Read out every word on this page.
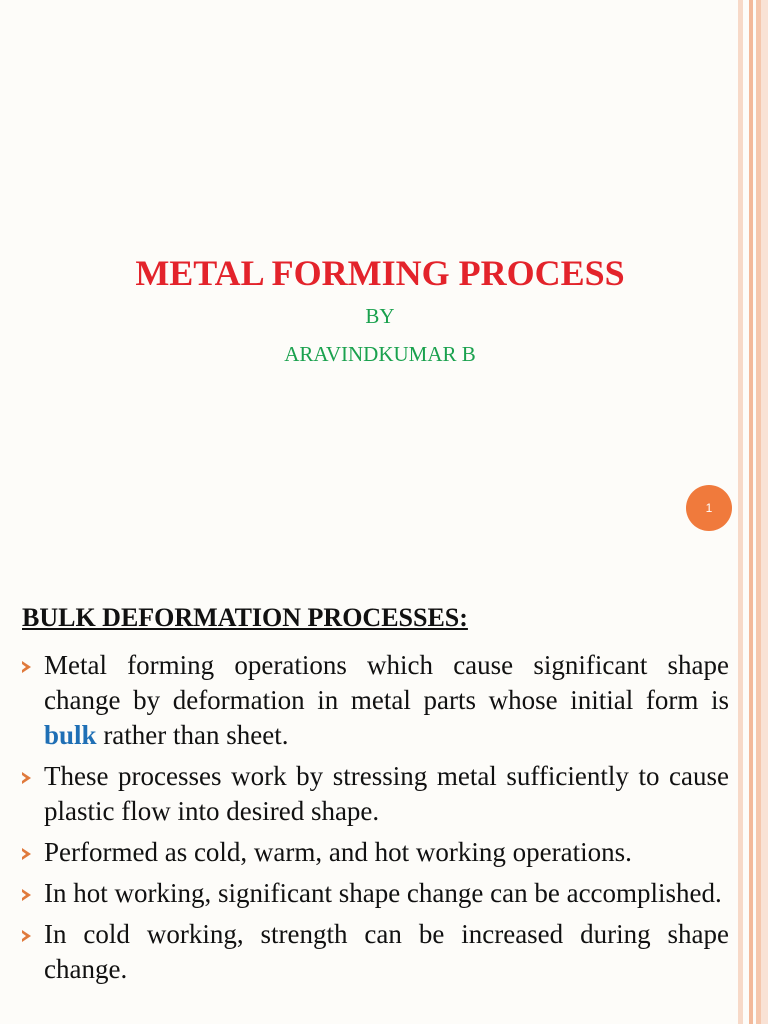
METAL FORMING PROCESS
BY
ARAVINDKUMAR B
1
BULK DEFORMATION PROCESSES:
Metal forming operations which cause significant shape change by deformation in metal parts whose initial form is bulk rather than sheet.
These processes work by stressing metal sufficiently to cause plastic flow into desired shape.
Performed as cold, warm, and hot working operations.
In hot working, significant shape change can be accomplished.
In cold working, strength can be increased during shape change.
